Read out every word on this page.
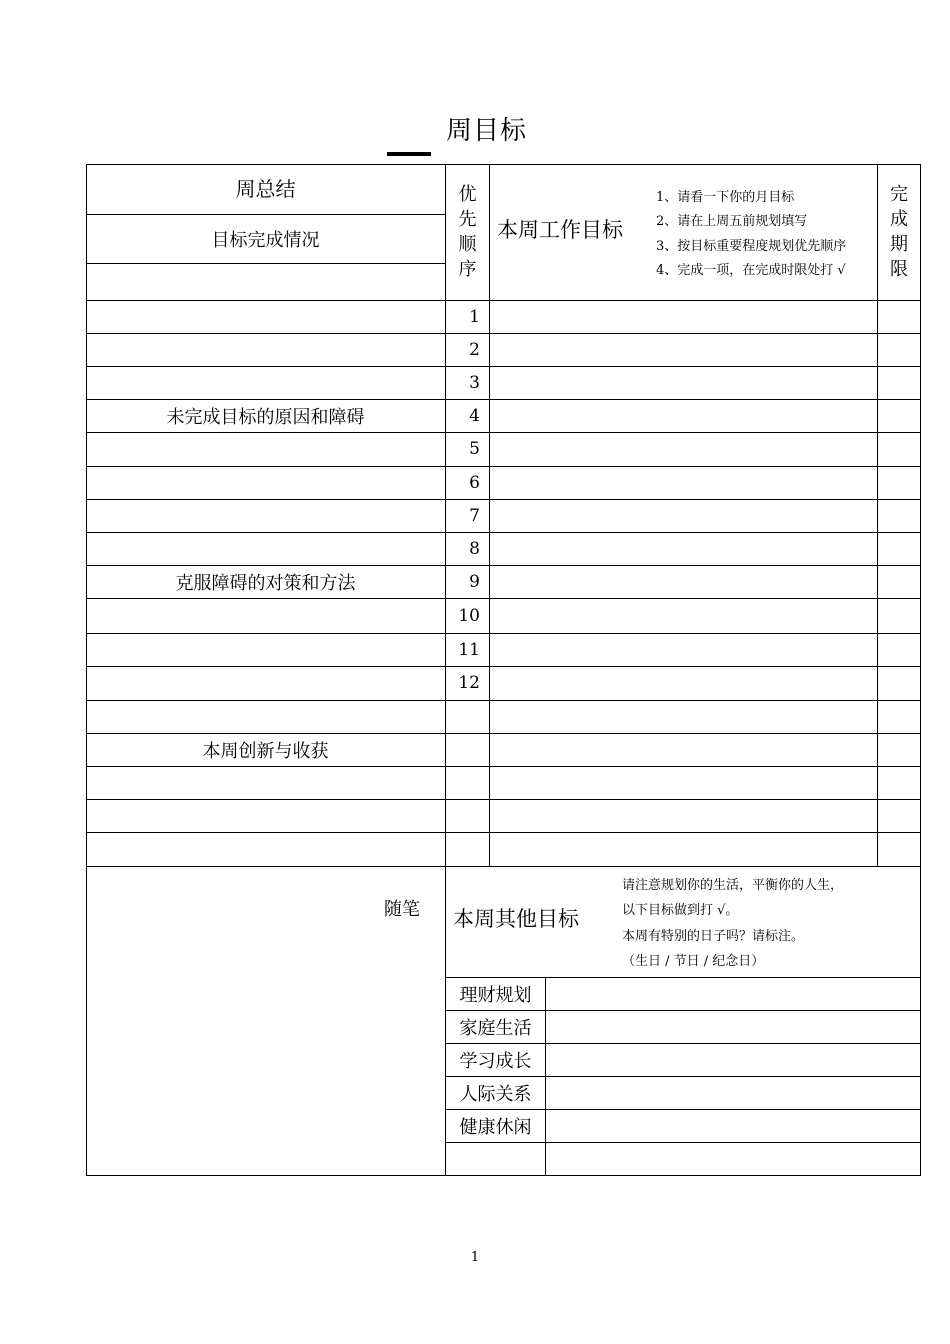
周目标
周总结
目标完成情况
未完成目标的原因和障碍
克服障碍的对策和方法
本周创新与收获
随笔
优先顺序
本周工作目标
1、请看一下你的月目标
2、请在上周五前规划填写
3、按目标重要程度规划优先顺序
4、完成一项，在完成时限处打 √
完成期限
1
2
3
4
5
6
7
8
9
10
11
12
本周其他目标
请注意规划你的生活，平衡你的人生，
以下目标做到打 √。
本周有特别的日子吗？请标注。
（生日 / 节日 / 纪念日）
理财规划
家庭生活
学习成长
人际关系
健康休闲
1
